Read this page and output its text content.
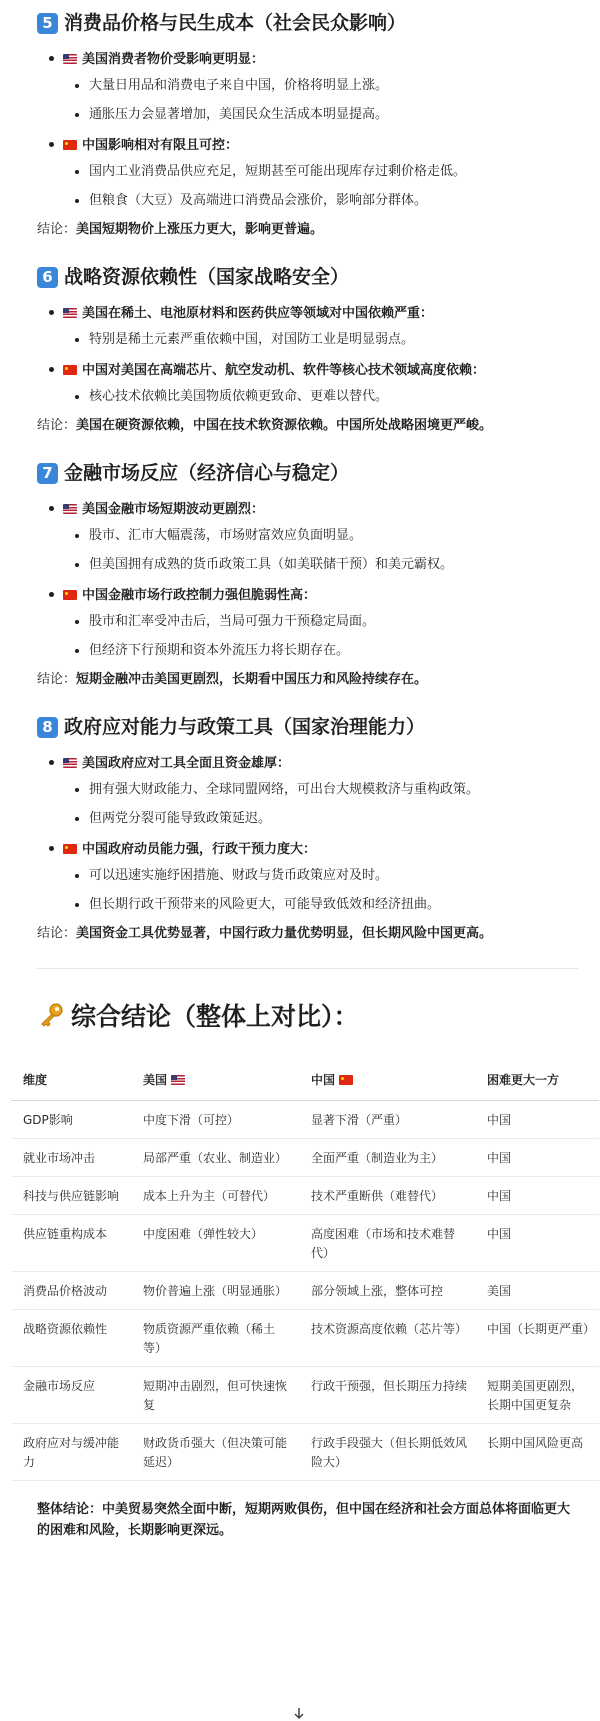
5 消费品价格与民生成本（社会民众影响）
美国消费者物价受影响更明显：
大量日用品和消费电子来自中国，价格将明显上涨。
通胀压力会显著增加，美国民众生活成本明显提高。
中国影响相对有限且可控：
国内工业消费品供应充足，短期甚至可能出现库存过剩价格走低。
但粮食（大豆）及高端进口消费品会涨价，影响部分群体。

结论：美国短期物价上涨压力更大，影响更普遍。

6 战略资源依赖性（国家战略安全）
美国在稀土、电池原材料和医药供应等领域对中国依赖严重：
特别是稀土元素严重依赖中国，对国防工业是明显弱点。
中国对美国在高端芯片、航空发动机、软件等核心技术领域高度依赖：
核心技术依赖比美国物质依赖更致命、更难以替代。

结论：美国在硬资源依赖，中国在技术软资源依赖。中国所处战略困境更严峻。

7 金融市场反应（经济信心与稳定）
美国金融市场短期波动更剧烈：
股市、汇市大幅震荡，市场财富效应负面明显。
但美国拥有成熟的货币政策工具（如美联储干预）和美元霸权。
中国金融市场行政控制力强但脆弱性高：
股市和汇率受冲击后，当局可强力干预稳定局面。
但经济下行预期和资本外流压力将长期存在。

结论：短期金融冲击美国更剧烈，长期看中国压力和风险持续存在。

8 政府应对能力与政策工具（国家治理能力）
美国政府应对工具全面且资金雄厚：
拥有强大财政能力、全球同盟网络，可出台大规模救济与重构政策。
但两党分裂可能导致政策延迟。
中国政府动员能力强，行政干预力度大：
可以迅速实施纾困措施、财政与货币政策应对及时。
但长期行政干预带来的风险更大，可能导致低效和经济扭曲。

结论：美国资金工具优势显著，中国行政力量优势明显，但长期风险中国更高。

综合结论（整体上对比）：
维度	美国	中国	困难更大一方
GDP影响	中度下滑（可控）	显著下滑（严重）	中国
就业市场冲击	局部严重（农业、制造业）	全面严重（制造业为主）	中国
科技与供应链影响	成本上升为主（可替代）	技术严重断供（难替代）	中国
供应链重构成本	中度困难（弹性较大）	高度困难（市场和技术难替代）	中国
消费品价格波动	物价普遍上涨（明显通胀）	部分领域上涨，整体可控	美国
战略资源依赖性	物质资源严重依赖（稀土等）	技术资源高度依赖（芯片等）	中国（长期更严重）
金融市场反应	短期冲击剧烈，但可快速恢复	行政干预强，但长期压力持续	短期美国更剧烈，长期中国更复杂
政府应对与缓冲能力	财政货币强大（但决策可能延迟）	行政手段强大（但长期低效风险大）	长期中国风险更高

整体结论：中美贸易突然全面中断，短期两败俱伤，但中国在经济和社会方面总体将面临更大的困难和风险，长期影响更深远。
